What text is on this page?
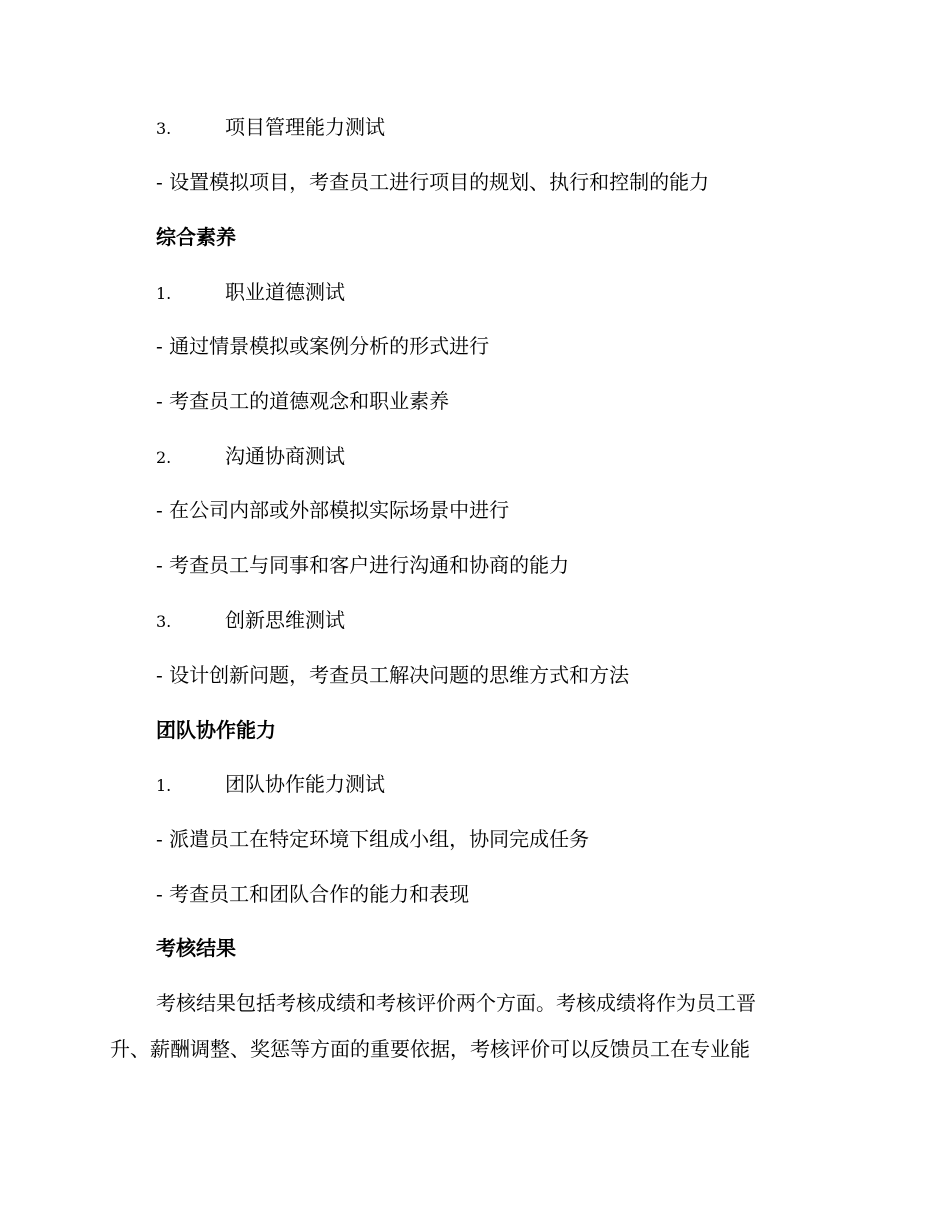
3.	项目管理能力测试
- 设置模拟项目，考查员工进行项目的规划、执行和控制的能力
综合素养
1.	职业道德测试
- 通过情景模拟或案例分析的形式进行
- 考查员工的道德观念和职业素养
2.	沟通协商测试
- 在公司内部或外部模拟实际场景中进行
- 考查员工与同事和客户进行沟通和协商的能力
3.	创新思维测试
- 设计创新问题，考查员工解决问题的思维方式和方法
团队协作能力
1.	团队协作能力测试
- 派遣员工在特定环境下组成小组，协同完成任务
- 考查员工和团队合作的能力和表现
考核结果
考核结果包括考核成绩和考核评价两个方面。考核成绩将作为员工晋
升、薪酬调整、奖惩等方面的重要依据，考核评价可以反馈员工在专业能
